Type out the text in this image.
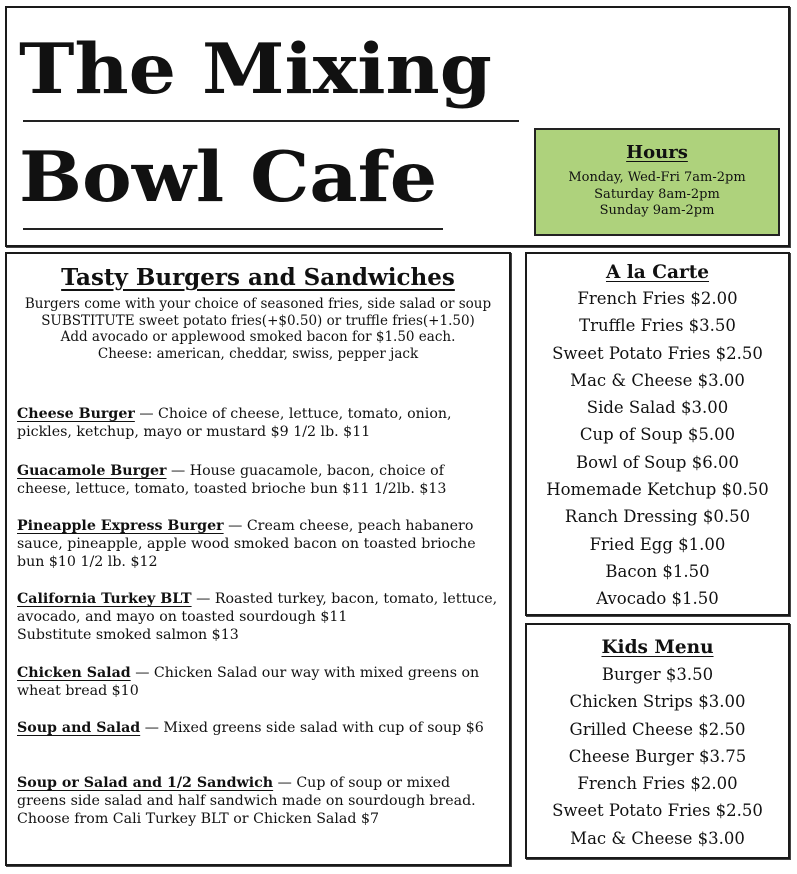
The Mixing
Bowl Cafe	Hours
Monday, Wed-Fri 7am-2pm
Saturday 8am-2pm
Sunday 9am-2pm
Tasty Burgers and Sandwiches
Burgers come with your choice of seasoned fries, side salad or soup
SUBSTITUTE sweet potato fries(+$0.50) or truffle fries(+1.50)
Add avocado or applewood smoked bacon for $1.50 each.
Cheese: american, cheddar, swiss, pepper jack
Cheese Burger — Choice of cheese, lettuce, tomato, onion, pickles, ketchup, mayo or mustard $9 1/2 lb. $11
Guacamole Burger — House guacamole, bacon, choice of cheese, lettuce, tomato, toasted brioche bun $11 1/2lb. $13
Pineapple Express Burger — Cream cheese, peach habanero sauce, pineapple, apple wood smoked bacon on toasted brioche bun $10 1/2 lb. $12
California Turkey BLT — Roasted turkey, bacon, tomato, lettuce, avocado, and mayo on toasted sourdough $11
Substitute smoked salmon $13
Chicken Salad — Chicken Salad our way with mixed greens on wheat bread $10
Soup and Salad — Mixed greens side salad with cup of soup $6
Soup or Salad and 1/2 Sandwich — Cup of soup or mixed greens side salad and half sandwich made on sourdough bread.
Choose from Cali Turkey BLT or Chicken Salad $7
A la Carte
French Fries $2.00
Truffle Fries $3.50
Sweet Potato Fries $2.50
Mac & Cheese $3.00
Side Salad $3.00
Cup of Soup $5.00
Bowl of Soup $6.00
Homemade Ketchup $0.50
Ranch Dressing $0.50
Fried Egg $1.00
Bacon $1.50
Avocado $1.50
Kids Menu
Burger $3.50
Chicken Strips $3.00
Grilled Cheese $2.50
Cheese Burger $3.75
French Fries $2.00
Sweet Potato Fries $2.50
Mac & Cheese $3.00
